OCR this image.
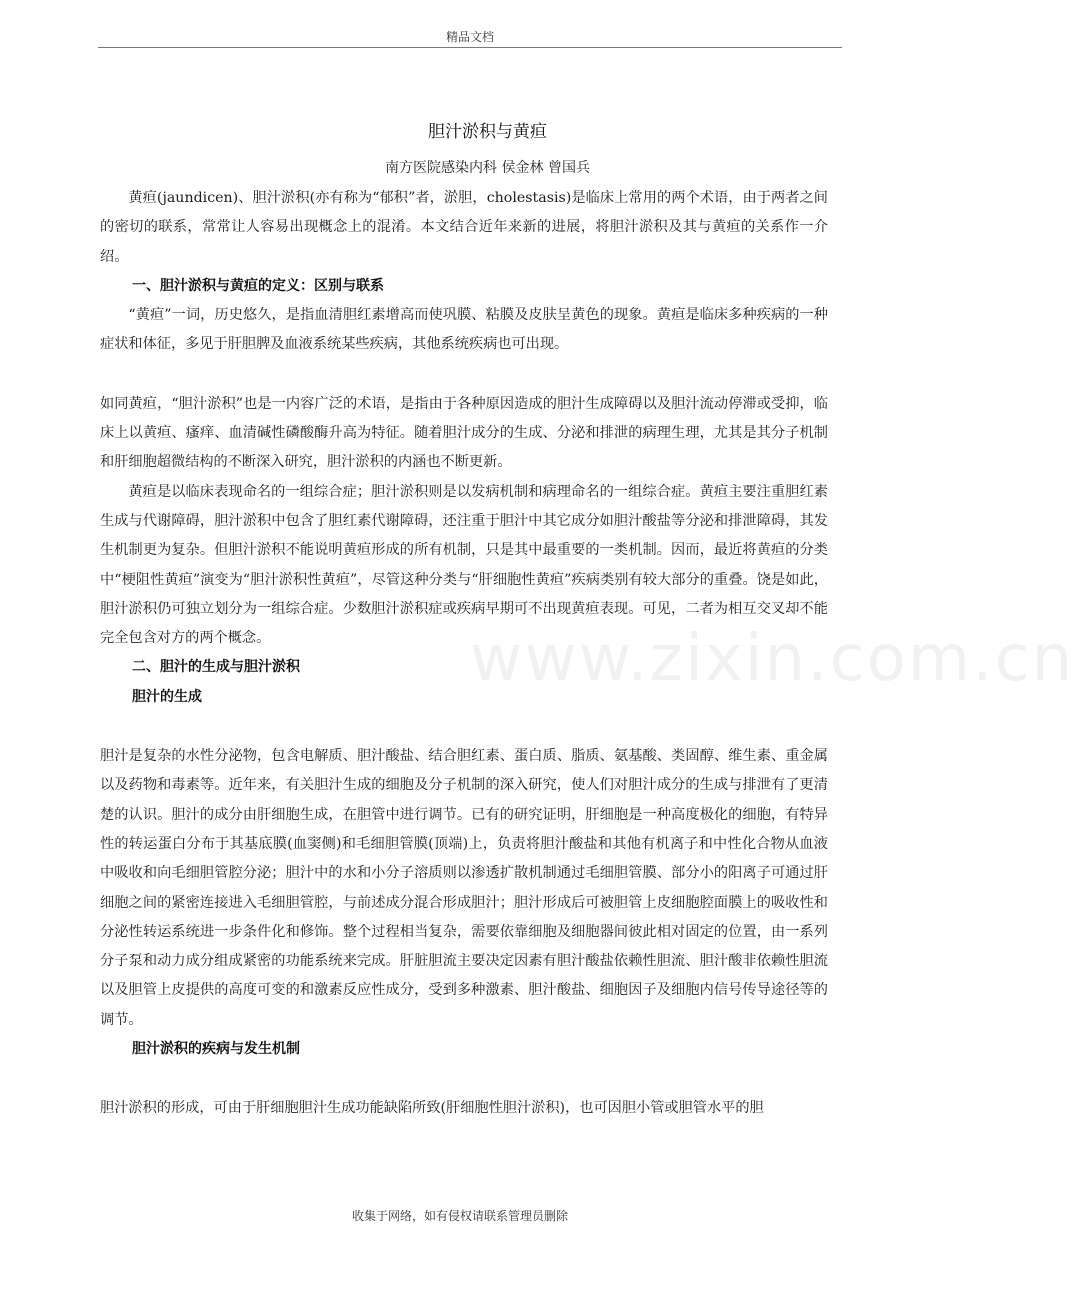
精品文档
胆汁淤积与黄疸
南方医院感染内科 侯金林 曾国兵

黄疸(jaundicen)、胆汁淤积(亦有称为“郁积”者，淤胆，cholestasis)是临床上常用的两个术语，由于两者之间的密切的联系，常常让人容易出现概念上的混淆。本文结合近年来新的进展，将胆汁淤积及其与黄疸的关系作一介绍。

一、胆汁淤积与黄疸的定义：区别与联系

“黄疸”一词，历史悠久，是指血清胆红素增高而使巩膜、粘膜及皮肤呈黄色的现象。黄疸是临床多种疾病的一种症状和体征，多见于肝胆脾及血液系统某些疾病，其他系统疾病也可出现。

如同黄疸，“胆汁淤积”也是一内容广泛的术语，是指由于各种原因造成的胆汁生成障碍以及胆汁流动停滞或受抑，临床上以黄疸、瘙痒、血清碱性磷酸酶升高为特征。随着胆汁成分的生成、分泌和排泄的病理生理，尤其是其分子机制和肝细胞超微结构的不断深入研究，胆汁淤积的内涵也不断更新。

黄疸是以临床表现命名的一组综合症；胆汁淤积则是以发病机制和病理命名的一组综合症。黄疸主要注重胆红素生成与代谢障碍，胆汁淤积中包含了胆红素代谢障碍，还注重于胆汁中其它成分如胆汁酸盐等分泌和排泄障碍，其发生机制更为复杂。但胆汁淤积不能说明黄疸形成的所有机制，只是其中最重要的一类机制。因而，最近将黄疸的分类中“梗阻性黄疸”演变为“胆汁淤积性黄疸”，尽管这种分类与“肝细胞性黄疸”疾病类别有较大部分的重叠。饶是如此，胆汁淤积仍可独立划分为一组综合症。少数胆汁淤积症或疾病早期可不出现黄疸表现。可见，二者为相互交叉却不能完全包含对方的两个概念。

二、胆汁的生成与胆汁淤积

胆汁的生成

胆汁是复杂的水性分泌物，包含电解质、胆汁酸盐、结合胆红素、蛋白质、脂质、氨基酸、类固醇、维生素、重金属以及药物和毒素等。近年来，有关胆汁生成的细胞及分子机制的深入研究，使人们对胆汁成分的生成与排泄有了更清楚的认识。胆汁的成分由肝细胞生成，在胆管中进行调节。已有的研究证明，肝细胞是一种高度极化的细胞，有特异性的转运蛋白分布于其基底膜(血窦侧)和毛细胆管膜(顶端)上，负责将胆汁酸盐和其他有机离子和中性化合物从血液中吸收和向毛细胆管腔分泌；胆汁中的水和小分子溶质则以渗透扩散机制通过毛细胆管膜、部分小的阳离子可通过肝细胞之间的紧密连接进入毛细胆管腔，与前述成分混合形成胆汁；胆汁形成后可被胆管上皮细胞腔面膜上的吸收性和分泌性转运系统进一步条件化和修饰。整个过程相当复杂，需要依靠细胞及细胞器间彼此相对固定的位置，由一系列分子泵和动力成分组成紧密的功能系统来完成。肝脏胆流主要决定因素有胆汁酸盐依赖性胆流、胆汁酸非依赖性胆流以及胆管上皮提供的高度可变的和激素反应性成分，受到多种激素、胆汁酸盐、细胞因子及细胞内信号传导途径等的调节。

胆汁淤积的疾病与发生机制

胆汁淤积的形成，可由于肝细胞胆汁生成功能缺陷所致(肝细胞性胆汁淤积)，也可因胆小管或胆管水平的胆

www.zixin.com.cn
收集于网络，如有侵权请联系管理员删除
